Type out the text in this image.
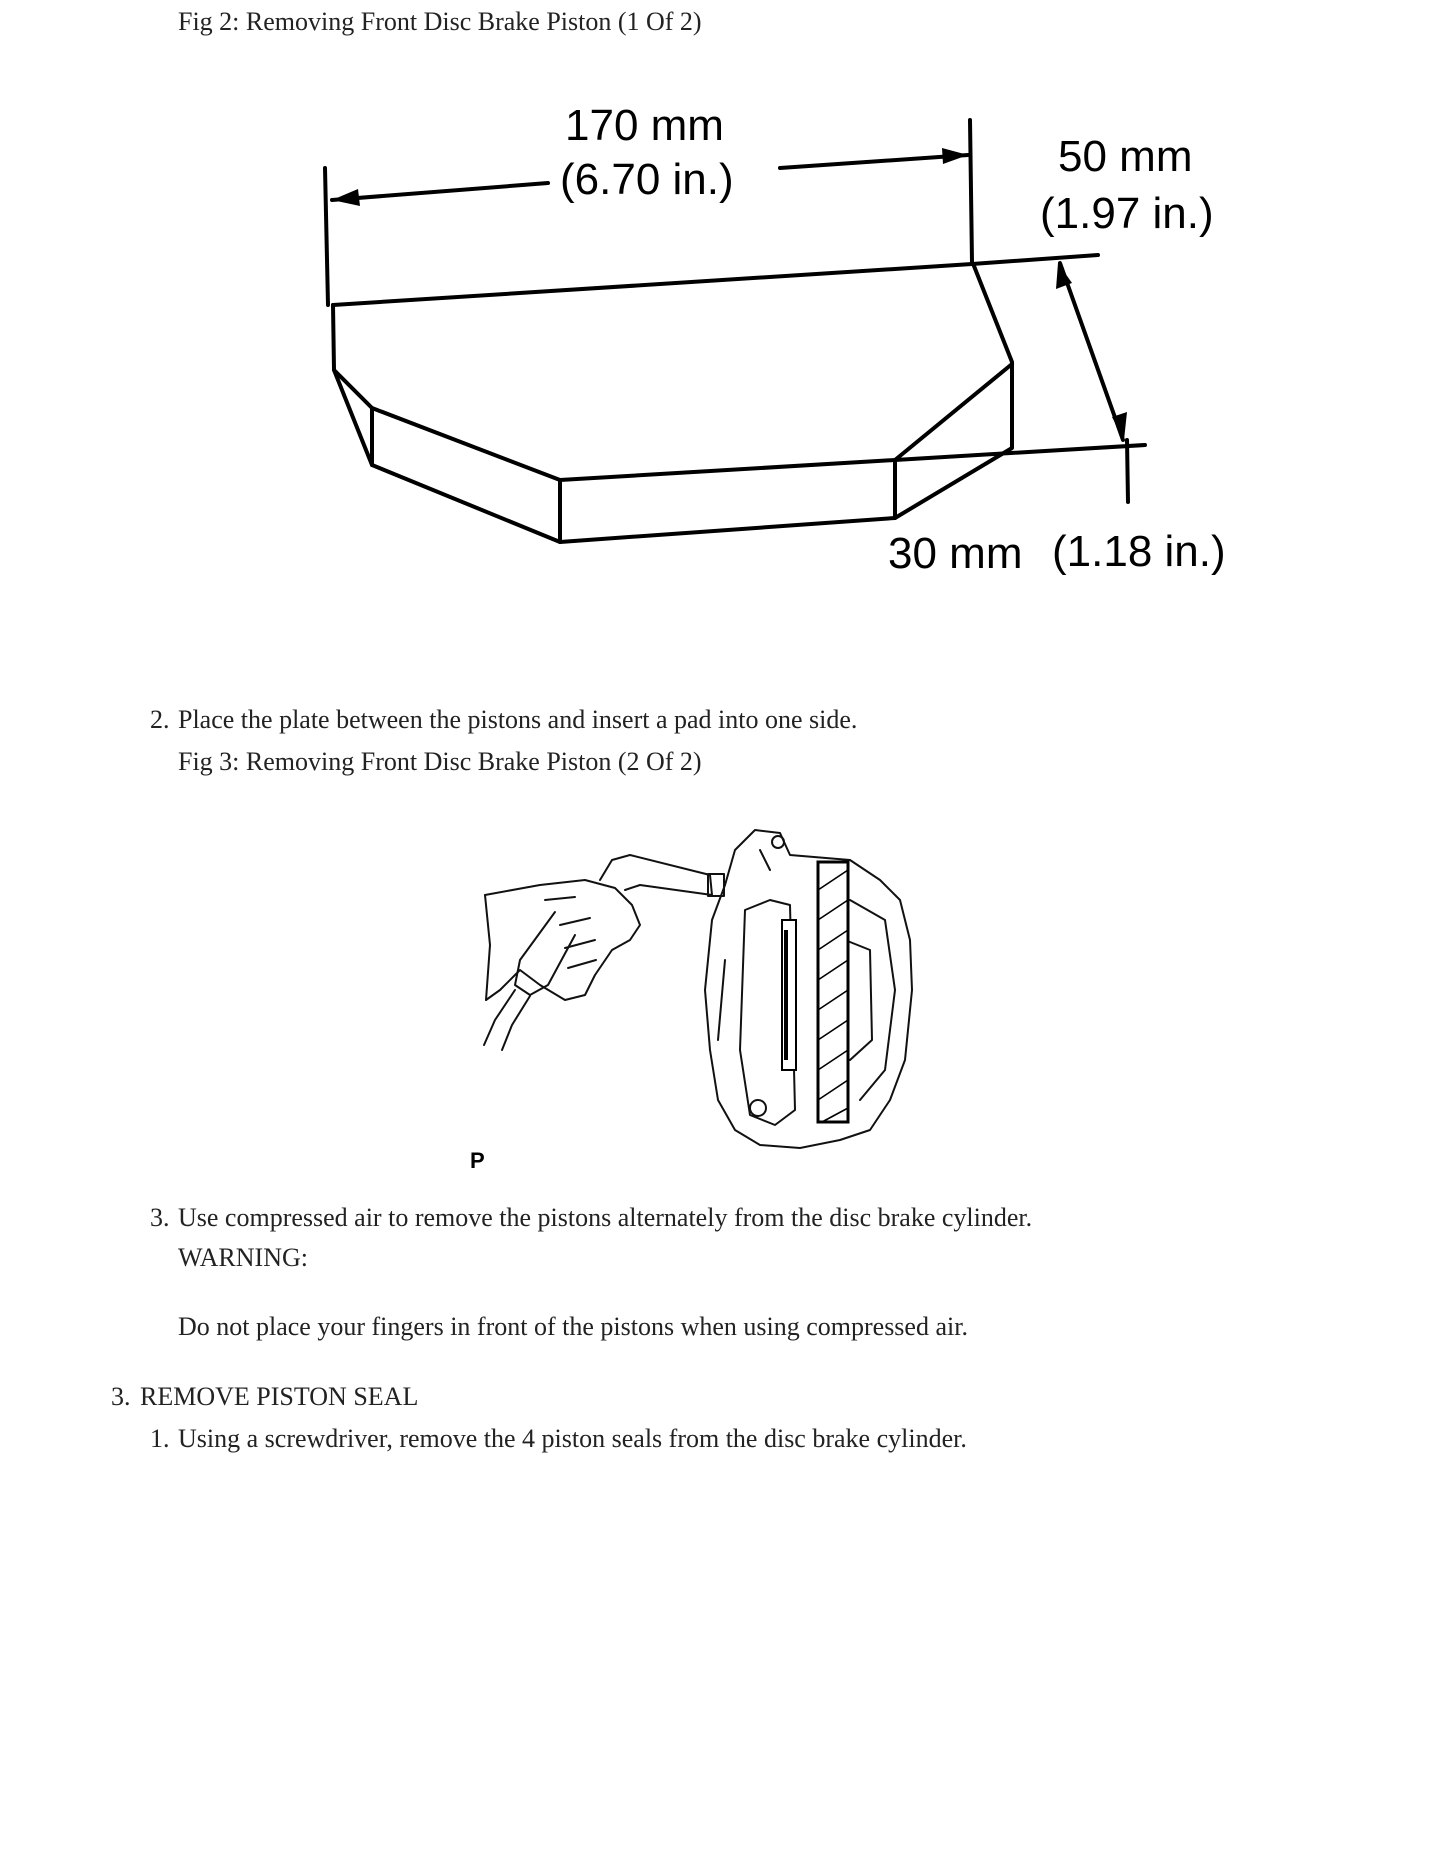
Fig 2: Removing Front Disc Brake Piston (1 Of 2)

170 mm
(6.70 in.)	50 mm
(1.97 in.)
30 mm (1.18 in.)

2. Place the plate between the pistons and insert a pad into one side.

Fig 3: Removing Front Disc Brake Piston (2 Of 2)

P

3. Use compressed air to remove the pistons alternately from the disc brake cylinder.

WARNING:

Do not place your fingers in front of the pistons when using compressed air.

3. REMOVE PISTON SEAL

1. Using a screwdriver, remove the 4 piston seals from the disc brake cylinder.
